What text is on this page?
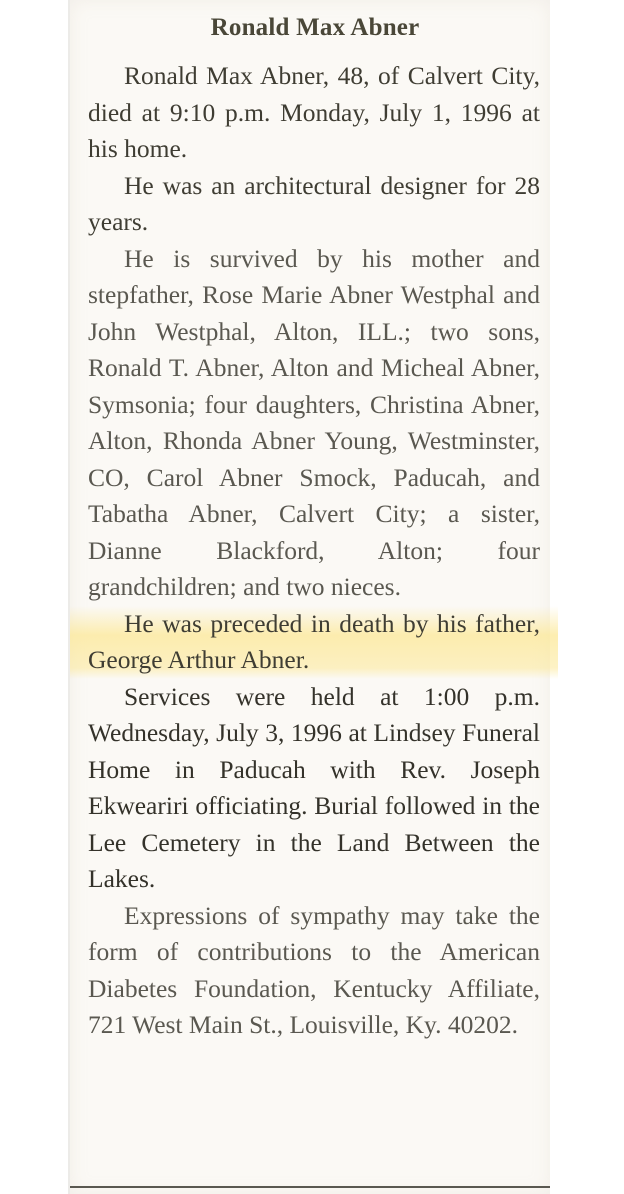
Ronald Max Abner

Ronald Max Abner, 48, of Calvert City, died at 9:10 p.m. Monday, July 1, 1996 at his home.

He was an architectural designer for 28 years.

He is survived by his mother and stepfather, Rose Marie Abner Westphal and John Westphal, Alton, ILL.; two sons, Ronald T. Abner, Alton and Micheal Abner, Symsonia; four daughters, Christina Abner, Alton, Rhonda Abner Young, Westminster, CO, Carol Abner Smock, Paducah, and Tabatha Abner, Calvert City; a sister, Dianne Blackford, Alton; four grandchildren; and two nieces.

He was preceded in death by his father, George Arthur Abner.

Services were held at 1:00 p.m. Wednesday, July 3, 1996 at Lindsey Funeral Home in Paducah with Rev. Joseph Ekweariri officiating. Burial followed in the Lee Cemetery in the Land Between the Lakes.

Expressions of sympathy may take the form of contributions to the American Diabetes Foundation, Kentucky Affiliate, 721 West Main St., Louisville, Ky. 40202.
